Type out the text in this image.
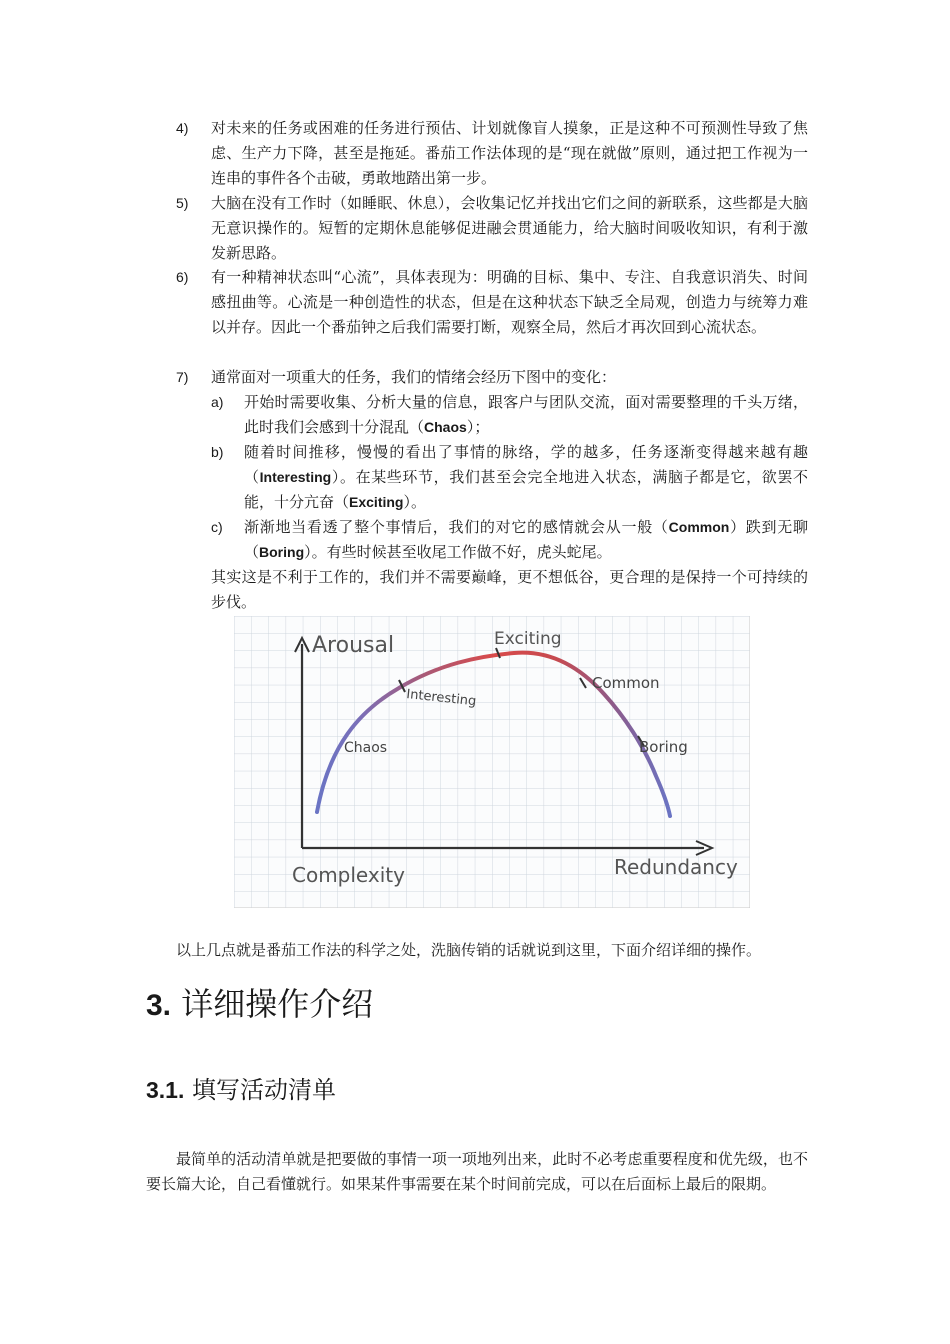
4)	对未来的任务或困难的任务进行预估、计划就像盲人摸象，正是这种不可预测性导致了焦虑、生产力下降，甚至是拖延。番茄工作法体现的是“现在就做”原则，通过把工作视为一连串的事件各个击破，勇敢地踏出第一步。
5)	大脑在没有工作时（如睡眠、休息），会收集记忆并找出它们之间的新联系，这些都是大脑无意识操作的。短暂的定期休息能够促进融会贯通能力，给大脑时间吸收知识，有利于激发新思路。
6)	有一种精神状态叫“心流”，具体表现为：明确的目标、集中、专注、自我意识消失、时间感扭曲等。心流是一种创造性的状态，但是在这种状态下缺乏全局观，创造力与统筹力难以并存。因此一个番茄钟之后我们需要打断，观察全局，然后才再次回到心流状态。
7)	通常面对一项重大的任务，我们的情绪会经历下图中的变化：
a)	开始时需要收集、分析大量的信息，跟客户与团队交流，面对需要整理的千头万绪，此时我们会感到十分混乱（Chaos）；
b)	随着时间推移，慢慢的看出了事情的脉络，学的越多，任务逐渐变得越来越有趣（Interesting）。在某些环节，我们甚至会完全地进入状态，满脑子都是它，欲罢不能，十分亢奋（Exciting）。
c)	渐渐地当看透了整个事情后，我们的对它的感情就会从一般（Common）跌到无聊（Boring）。有些时候甚至收尾工作做不好，虎头蛇尾。
其实这是不利于工作的，我们并不需要巅峰，更不想低谷，更合理的是保持一个可持续的步伐。
Arousal
Complexity	Redundancy
Chaos
Interesting
Exciting
Common
Boring
以上几点就是番茄工作法的科学之处，洗脑传销的话就说到这里，下面介绍详细的操作。
3. 详细操作介绍
3.1. 填写活动清单
最简单的活动清单就是把要做的事情一项一项地列出来，此时不必考虑重要程度和优先级，也不要长篇大论，自己看懂就行。如果某件事需要在某个时间前完成，可以在后面标上最后的限期。
